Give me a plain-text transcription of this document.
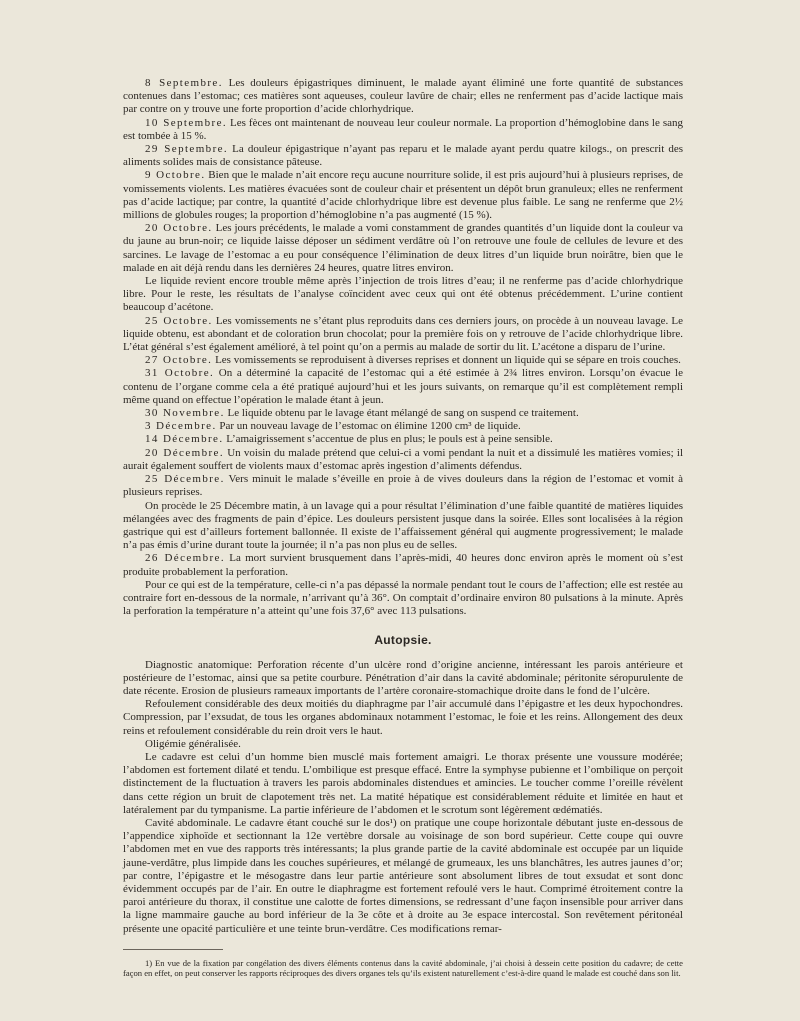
8 Septembre. Les douleurs épigastriques diminuent, le malade ayant éliminé une forte quantité de substances contenues dans l’estomac; ces matières sont aqueuses, couleur lavûre de chair; elles ne renferment pas d’acide lactique mais par contre on y trouve une forte proportion d’acide chlorhydrique.

10 Septembre. Les fèces ont maintenant de nouveau leur couleur normale. La proportion d’hémoglobine dans le sang est tombée à 15 %.

29 Septembre. La douleur épigastrique n’ayant pas reparu et le malade ayant perdu quatre kilogs., on prescrit des aliments solides mais de consistance pâteuse.

9 Octobre. Bien que le malade n’ait encore reçu aucune nourriture solide, il est pris aujourd’hui à plusieurs reprises, de vomissements violents. Les matières évacuées sont de couleur chair et présentent un dépôt brun granuleux; elles ne renferment pas d’acide lactique; par contre, la quantité d’acide chlorhydrique libre est devenue plus faible. Le sang ne renferme que 2½ millions de globules rouges; la proportion d’hémoglobine n’a pas augmenté (15 %).

20 Octobre. Les jours précédents, le malade a vomi constamment de grandes quantités d’un liquide dont la couleur va du jaune au brun-noir; ce liquide laisse déposer un sédiment verdâtre où l’on retrouve une foule de cellules de levure et des sarcines. Le lavage de l’estomac a eu pour conséquence l’élimination de deux litres d’un liquide brun noirâtre, bien que le malade en ait déjà rendu dans les dernières 24 heures, quatre litres environ.

Le liquide revient encore trouble même après l’injection de trois litres d’eau; il ne renferme pas d’acide chlorhydrique libre. Pour le reste, les résultats de l’analyse coïncident avec ceux qui ont été obtenus précédemment. L’urine contient beaucoup d’acétone.

25 Octobre. Les vomissements ne s’étant plus reproduits dans ces derniers jours, on procède à un nouveau lavage. Le liquide obtenu, est abondant et de coloration brun chocolat; pour la première fois on y retrouve de l’acide chlorhydrique libre. L’état général s’est également amélioré, à tel point qu’on a permis au malade de sortir du lit. L’acétone a disparu de l’urine.

27 Octobre. Les vomissements se reproduisent à diverses reprises et donnent un liquide qui se sépare en trois couches.

31 Octobre. On a déterminé la capacité de l’estomac qui a été estimée à 2¾ litres environ. Lorsqu’on évacue le contenu de l’organe comme cela a été pratiqué aujourd’hui et les jours suivants, on remarque qu’il est complètement rempli même quand on effectue l’opération le malade étant à jeun.

30 Novembre. Le liquide obtenu par le lavage étant mélangé de sang on suspend ce traitement.

3 Décembre. Par un nouveau lavage de l’estomac on élimine 1200 cm³ de liquide.

14 Décembre. L’amaigrissement s’accentue de plus en plus; le pouls est à peine sensible.

20 Décembre. Un voisin du malade prétend que celui-ci a vomi pendant la nuit et a dissimulé les matières vomies; il aurait également souffert de violents maux d’estomac après ingestion d’aliments défendus.

25 Décembre. Vers minuit le malade s’éveille en proie à de vives douleurs dans la région de l’estomac et vomit à plusieurs reprises.

On procède le 25 Décembre matin, à un lavage qui a pour résultat l’élimination d’une faible quantité de matières liquides mélangées avec des fragments de pain d’épice. Les douleurs persistent jusque dans la soirée. Elles sont localisées à la région gastrique qui est d’ailleurs fortement ballonnée. Il existe de l’affaissement général qui augmente progressivement; le malade n’a pas émis d’urine durant toute la journée; il n’a pas non plus eu de selles.

26 Décembre. La mort survient brusquement dans l’après-midi, 40 heures donc environ après le moment où s’est produite probablement la perforation.

Pour ce qui est de la température, celle-ci n’a pas dépassé la normale pendant tout le cours de l’affection; elle est restée au contraire fort en-dessous de la normale, n’arrivant qu’à 36°. On comptait d’ordinaire environ 80 pulsations à la minute. Après la perforation la température n’a atteint qu’une fois 37,6° avec 113 pulsations.

Autopsie.

Diagnostic anatomique: Perforation récente d’un ulcère rond d’origine ancienne, intéressant les parois antérieure et postérieure de l’estomac, ainsi que sa petite courbure. Pénétration d’air dans la cavité abdominale; péritonite séropurulente de date récente. Erosion de plusieurs rameaux importants de l’artère coronaire-stomachique droite dans le fond de l’ulcère.

Refoulement considérable des deux moitiés du diaphragme par l’air accumulé dans l’épigastre et les deux hypochondres. Compression, par l’exsudat, de tous les organes abdominaux notamment l’estomac, le foie et les reins. Allongement des deux reins et refoulement considérable du rein droit vers le haut.

Oligémie généralisée.

Le cadavre est celui d’un homme bien musclé mais fortement amaigri. Le thorax présente une voussure modérée; l’abdomen est fortement dilaté et tendu. L’ombilique est presque effacé. Entre la symphyse pubienne et l’ombilique on perçoit distinctement de la fluctuation à travers les parois abdominales distendues et amincies. Le toucher comme l’oreille révèlent dans cette région un bruit de clapotement très net. La matité hépatique est considérablement réduite et limitée en haut et latéralement par du tympanisme. La partie inférieure de l’abdomen et le scrotum sont légèrement œdématiés.

Cavité abdominale. Le cadavre étant couché sur le dos¹) on pratique une coupe horizontale débutant juste en-dessous de l’appendice xiphoïde et sectionnant la 12e vertèbre dorsale au voisinage de son bord supérieur. Cette coupe qui ouvre l’abdomen met en vue des rapports très intéressants; la plus grande partie de la cavité abdominale est occupée par un liquide jaune-verdâtre, plus limpide dans les couches supérieures, et mélangé de grumeaux, les uns blanchâtres, les autres jaunes d’or; par contre, l’épigastre et le mésogastre dans leur partie antérieure sont absolument libres de tout exsudat et sont donc évidemment occupés par de l’air. En outre le diaphragme est fortement refoulé vers le haut. Comprimé étroitement contre la paroi antérieure du thorax, il constitue une calotte de fortes dimensions, se redressant d’une façon insensible pour arriver dans la ligne mammaire gauche au bord inférieur de la 3e côte et à droite au 3e espace intercostal. Son revêtement péritonéal présente une opacité particulière et une teinte brun-verdâtre. Ces modifications remar-

1) En vue de la fixation par congélation des divers éléments contenus dans la cavité abdominale, j’ai choisi à dessein cette position du cadavre; de cette façon en effet, on peut conserver les rapports réciproques des divers organes tels qu’ils existent naturellement c’est-à-dire quand le malade est couché dans son lit.
